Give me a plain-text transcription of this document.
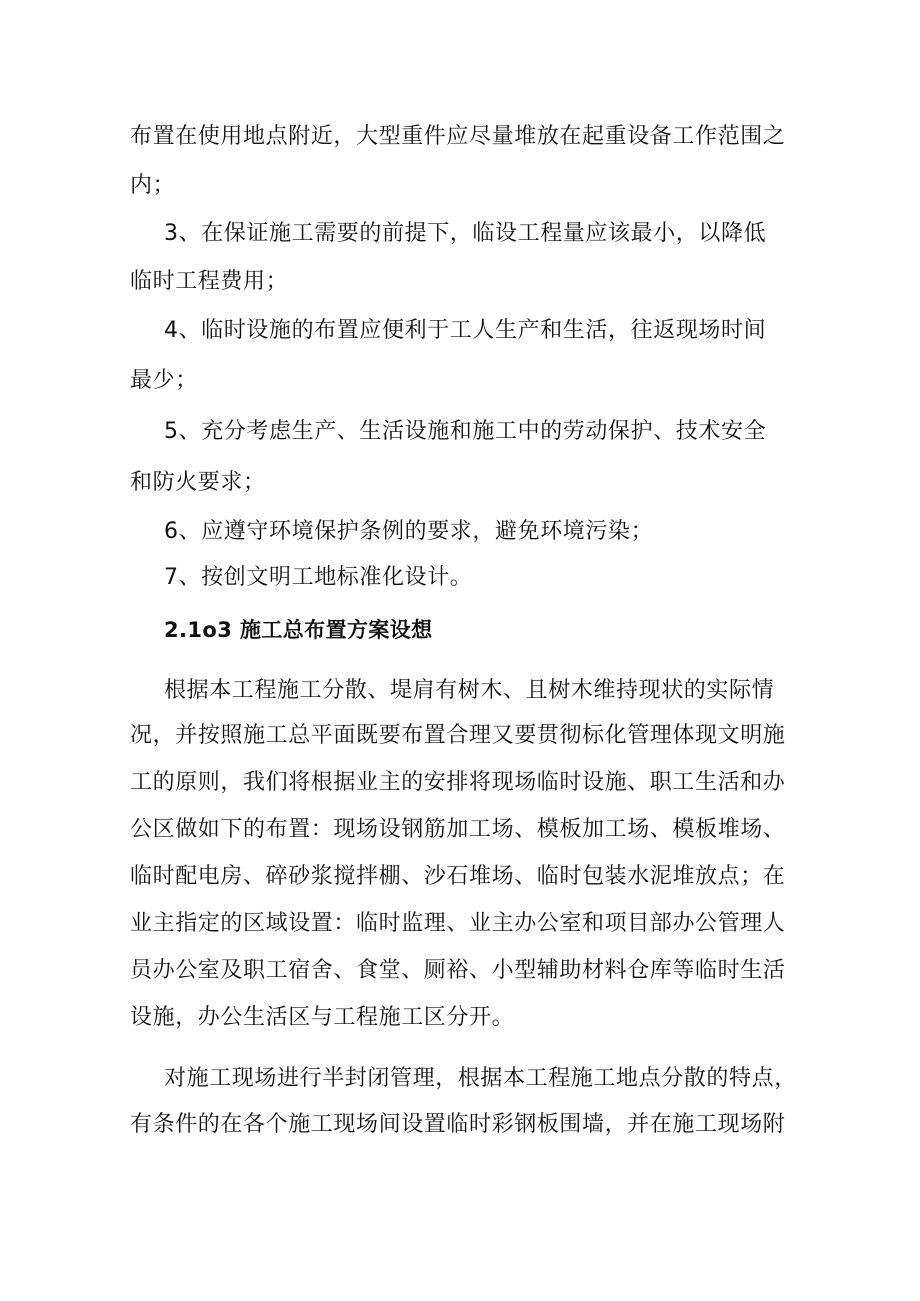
布置在使用地点附近，大型重件应尽量堆放在起重设备工作范围之
内；
3、在保证施工需要的前提下，临设工程量应该最小，以降低
临时工程费用；
4、临时设施的布置应便利于工人生产和生活，往返现场时间
最少；
5、充分考虑生产、生活设施和施工中的劳动保护、技术安全
和防火要求；
6、应遵守环境保护条例的要求，避免环境污染；
7、按创文明工地标准化设计。
2.1o3 施工总布置方案设想
根据本工程施工分散、堤肩有树木、且树木维持现状的实际情
况，并按照施工总平面既要布置合理又要贯彻标化管理体现文明施
工的原则，我们将根据业主的安排将现场临时设施、职工生活和办
公区做如下的布置：现场设钢筋加工场、模板加工场、模板堆场、
临时配电房、碎砂浆搅拌棚、沙石堆场、临时包装水泥堆放点；在
业主指定的区域设置：临时监理、业主办公室和项目部办公管理人
员办公室及职工宿舍、食堂、厕裕、小型辅助材料仓库等临时生活
设施，办公生活区与工程施工区分开。
对施工现场进行半封闭管理，根据本工程施工地点分散的特点，
有条件的在各个施工现场间设置临时彩钢板围墙，并在施工现场附
